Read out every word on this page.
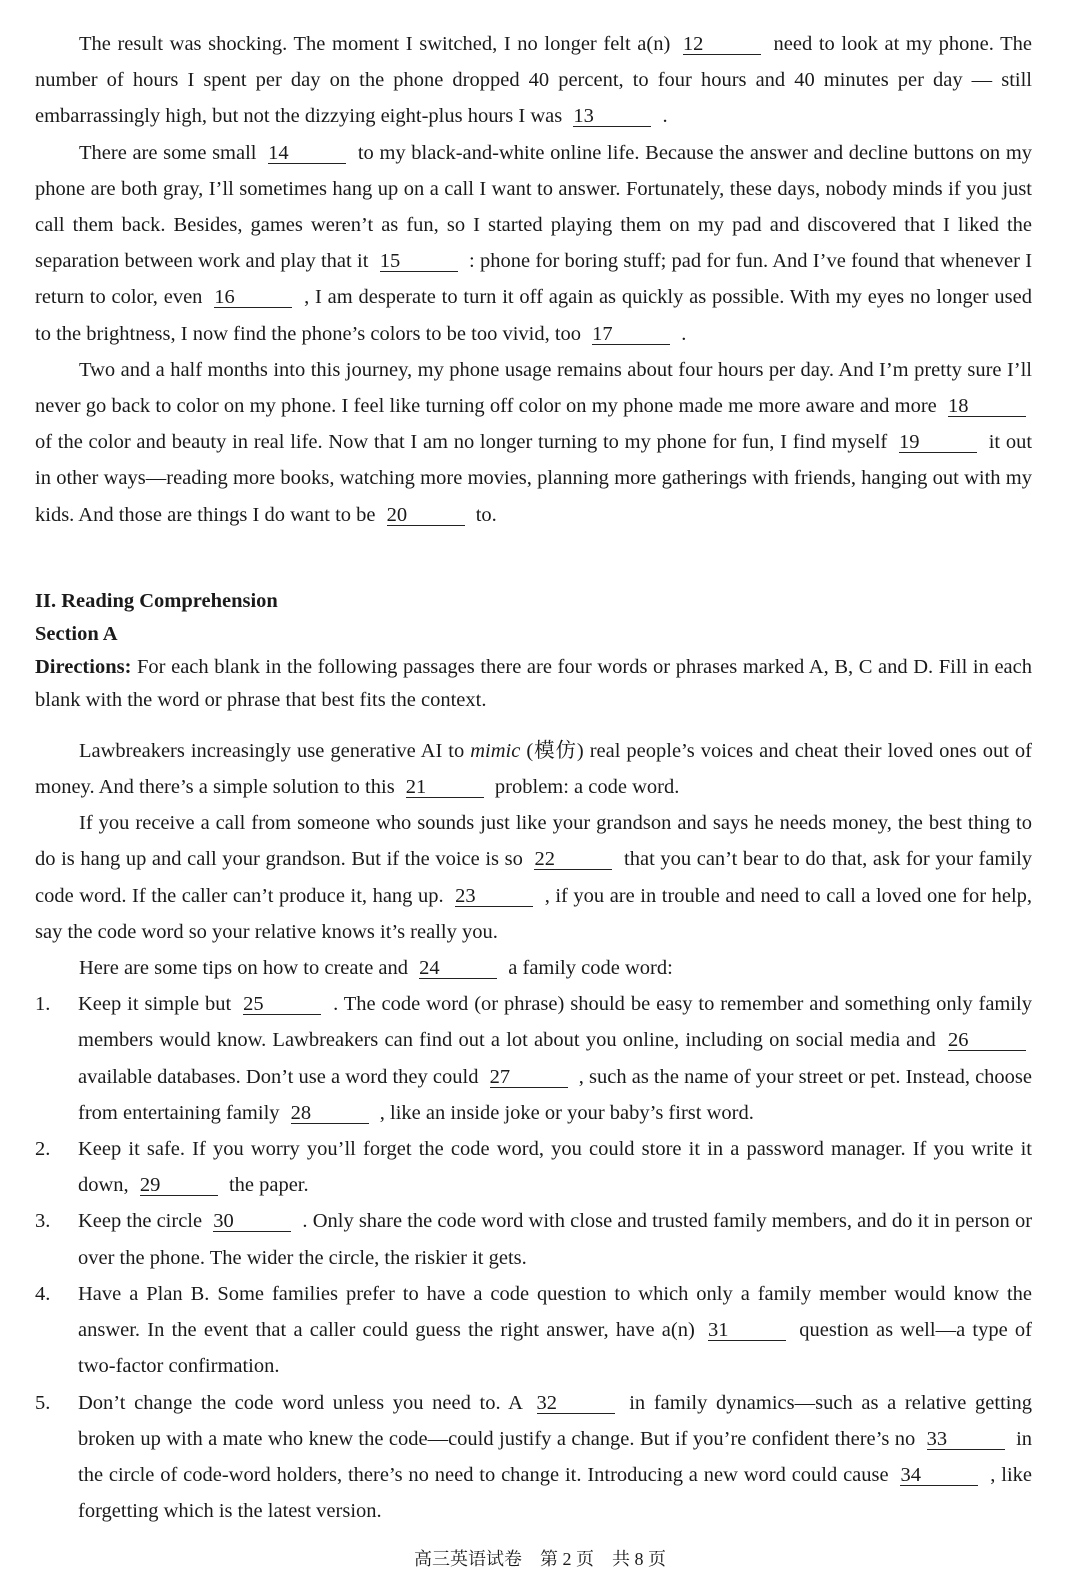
The result was shocking. The moment I switched, I no longer felt a(n) 12	need to look at my phone. The number of hours I spent per day on the phone dropped 40 percent, to four hours and 40 minutes per day — still embarrassingly high, but not the dizzying eight-plus hours I was 13	.

There are some small 14	to my black-and-white online life. Because the answer and decline buttons on my phone are both gray, I’ll sometimes hang up on a call I want to answer. Fortunately, these days, nobody minds if you just call them back. Besides, games weren’t as fun, so I started playing them on my pad and discovered that I liked the separation between work and play that it 15	: phone for boring stuff; pad for fun. And I’ve found that whenever I return to color, even 16	, I am desperate to turn it off again as quickly as possible. With my eyes no longer used to the brightness, I now find the phone’s colors to be too vivid, too 17	.

Two and a half months into this journey, my phone usage remains about four hours per day. And I’m pretty sure I’ll never go back to color on my phone. I feel like turning off color on my phone made me more aware and more 18 of the color and beauty in real life. Now that I am no longer turning to my phone for fun, I find myself 19	it out in other ways—reading more books, watching more movies, planning more gatherings with friends, hanging out with my kids. And those are things I do want to be 20	to.

II. Reading Comprehension
Section A

Directions: For each blank in the following passages there are four words or phrases marked A, B, C and D. Fill in each blank with the word or phrase that best fits the context.

Lawbreakers increasingly use generative AI to mimic (模仿) real people’s voices and cheat their loved ones out of money. And there’s a simple solution to this 21	problem: a code word.

If you receive a call from someone who sounds just like your grandson and says he needs money, the best thing to do is hang up and call your grandson. But if the voice is so 22	that you can’t bear to do that, ask for your family code word. If the caller can’t produce it, hang up. 23	, if you are in trouble and need to call a loved one for help, say the code word so your relative knows it’s really you.

Here are some tips on how to create and 24	a family code word:

1.	Keep it simple but 25	. The code word (or phrase) should be easy to remember and something only family members would know. Lawbreakers can find out a lot about you online, including on social media and 26 available databases. Don’t use a word they could 27	, such as the name of your street or pet. Instead, choose from entertaining family 28	, like an inside joke or your baby’s first word.

2.	Keep it safe. If you worry you’ll forget the code word, you could store it in a password manager. If you write it down, 29	the paper.

3.	Keep the circle 30	. Only share the code word with close and trusted family members, and do it in person or over the phone. The wider the circle, the riskier it gets.

4.	Have a Plan B. Some families prefer to have a code question to which only a family member would know the answer. In the event that a caller could guess the right answer, have a(n) 31	question as well—a type of two-factor confirmation.

5.	Don’t change the code word unless you need to. A 32	in family dynamics—such as a relative getting broken up with a mate who knew the code—could justify a change. But if you’re confident there’s no 33	in the circle of code-word holders, there’s no need to change it. Introducing a new word could cause 34	, like forgetting which is the latest version.

高三英语试卷　第 2 页　共 8 页
